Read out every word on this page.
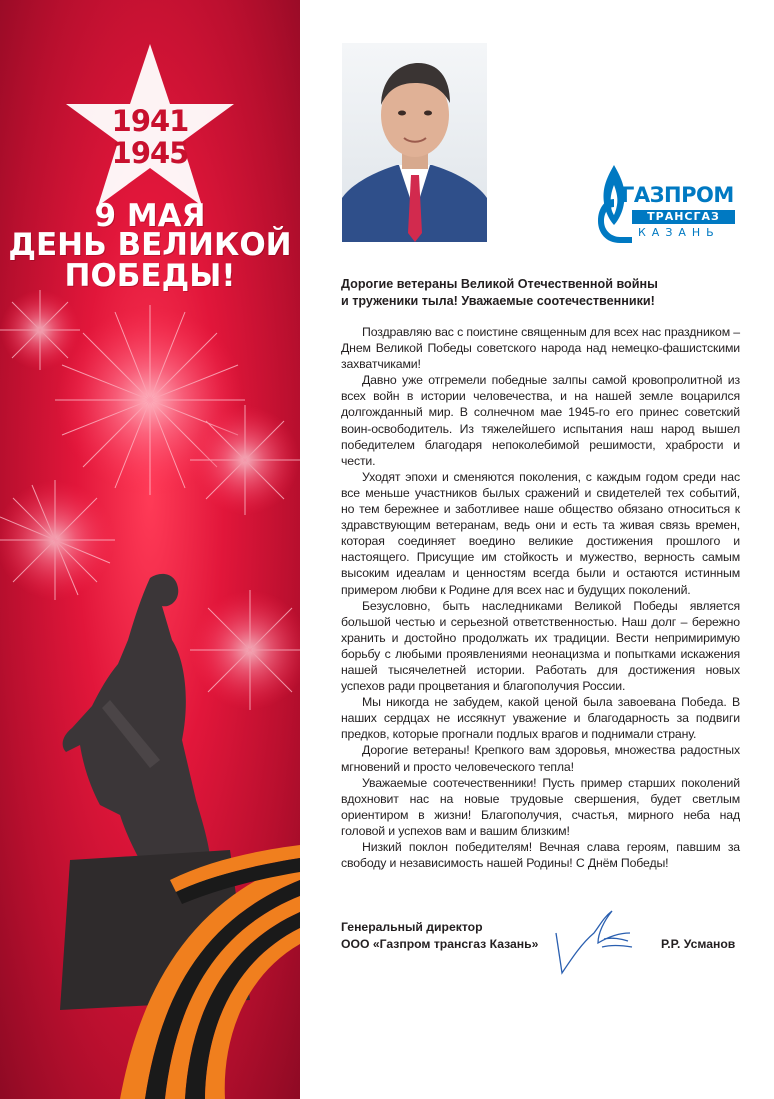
1941
1945
9 МАЯ
ДЕНЬ ВЕЛИКОЙ
ПОБЕДЫ!
ГАЗПРОМ
ТРАНСГАЗ
КАЗАНЬ

Дорогие ветераны Великой Отечественной войны
и труженики тыла! Уважаемые соотечественники!

Поздравляю вас с поистине священным для всех нас праздником – Днем Великой Победы советского народа над немецко-фашистскими захватчиками!

Давно уже отгремели победные залпы самой кровопролитной из всех войн в истории человечества, и на нашей земле воцарился долгожданный мир. В солнечном мае 1945-го его принес советский воин-освободитель. Из тяжелейшего испытания наш народ вышел победителем благодаря непоколебимой решимости, храбрости и чести.

Уходят эпохи и сменяются поколения, с каждым годом среди нас все меньше участников былых сражений и свидетелей тех событий, но тем бережнее и заботливее наше общество обязано относиться к здравствующим ветеранам, ведь они и есть та живая связь времен, которая соединяет воедино великие достижения прошлого и настоящего. Присущие им стойкость и мужество, верность самым высоким идеалам и ценностям всегда были и остаются истинным примером любви к Родине для всех нас и будущих поколений.

Безусловно, быть наследниками Великой Победы является большой честью и серьезной ответственностью. Наш долг – бережно хранить и достойно продолжать их традиции. Вести непримиримую борьбу с любыми проявлениями неонацизма и попытками искажения нашей тысячелетней истории. Работать для достижения новых успехов ради процветания и благополучия России.

Мы никогда не забудем, какой ценой была завоевана Победа. В наших сердцах не иссякнут уважение и благодарность за подвиги предков, которые прогнали подлых врагов и поднимали страну.

Дорогие ветераны! Крепкого вам здоровья, множества радостных мгновений и просто человеческого тепла!

Уважаемые соотечественники! Пусть пример старших поколений вдохновит нас на новые трудовые свершения, будет светлым ориентиром в жизни! Благополучия, счастья, мирного неба над головой и успехов вам и вашим близким!

Низкий поклон победителям! Вечная слава героям, павшим за свободу и независимость нашей Родины! С Днём Победы!

Генеральный директор
ООО «Газпром трансгаз Казань»	Р.Р. Усманов
